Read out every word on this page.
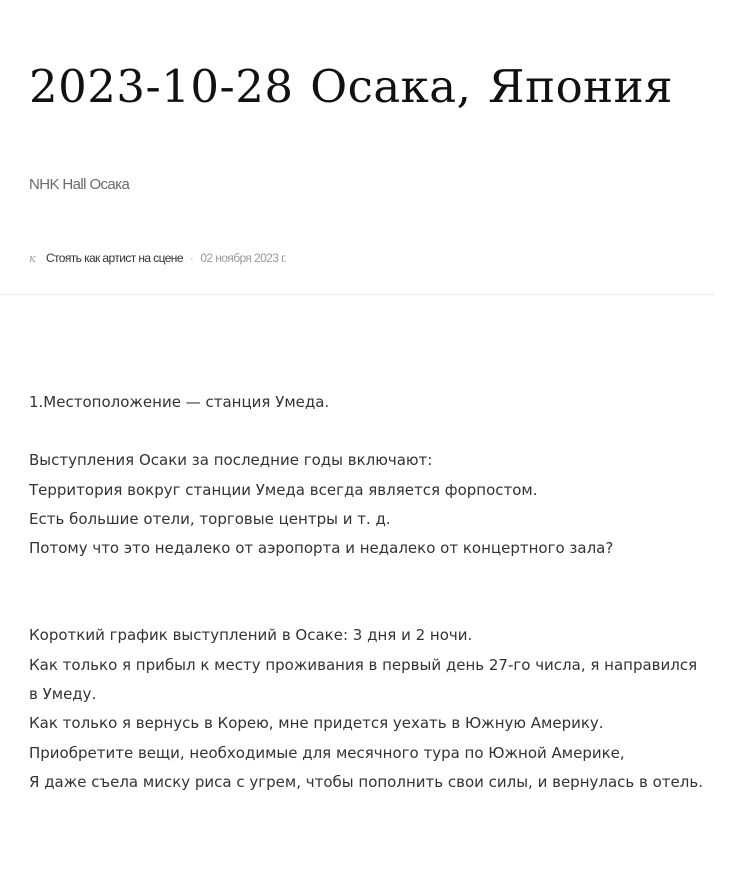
2023-10-28 Осака, Япония
NHK Hall Осака
к Стоять как артист на сцене · 02 ноября 2023 г.

1.Местоположение — станция Умеда.

Выступления Осаки за последние годы включают:

Территория вокруг станции Умеда всегда является форпостом.

Есть большие отели, торговые центры и т. д.

Потому что это недалеко от аэропорта и недалеко от концертного зала?

Короткий график выступлений в Осаке: 3 дня и 2 ночи.

Как только я прибыл к месту проживания в первый день 27-го числа, я направился в Умеду.

Как только я вернусь в Корею, мне придется уехать в Южную Америку.

Приобретите вещи, необходимые для месячного тура по Южной Америке,

Я даже съела миску риса с угрем, чтобы пополнить свои силы, и вернулась в отель.
